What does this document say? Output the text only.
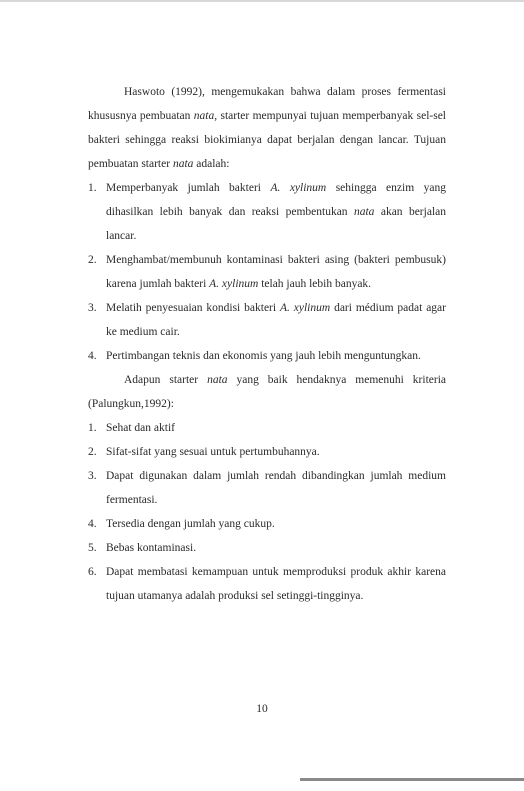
Haswoto (1992), mengemukakan bahwa dalam proses fermentasi

khususnya pembuatan nata, starter mempunyai tujuan memperbanyak sel-sel

bakteri sehingga reaksi biokimianya dapat berjalan dengan lancar. Tujuan

pembuatan starter nata adalah:

1. Memperbanyak jumlah bakteri A. xylinum sehingga enzim yang dihasilkan lebih banyak dan reaksi pembentukan nata akan berjalan lancar.
2. Menghambat/membunuh kontaminasi bakteri asing (bakteri pembusuk) karena jumlah bakteri A. xylinum telah jauh lebih banyak.
3. Melatih penyesuaian kondisi bakteri A. xylinum dari médium padat agar ke medium cair.
4. Pertimbangan teknis dan ekonomis yang jauh lebih menguntungkan.

Adapun starter nata yang baik hendaknya memenuhi kriteria

(Palungkun,1992):

1. Sehat dan aktif
2. Sifat-sifat yang sesuai untuk pertumbuhannya.
3. Dapat digunakan dalam jumlah rendah dibandingkan jumlah medium fermentasi.
4. Tersedia dengan jumlah yang cukup.
5. Bebas kontaminasi.
6. Dapat membatasi kemampuan untuk memproduksi produk akhir karena tujuan utamanya adalah produksi sel setinggi-tingginya.
10
